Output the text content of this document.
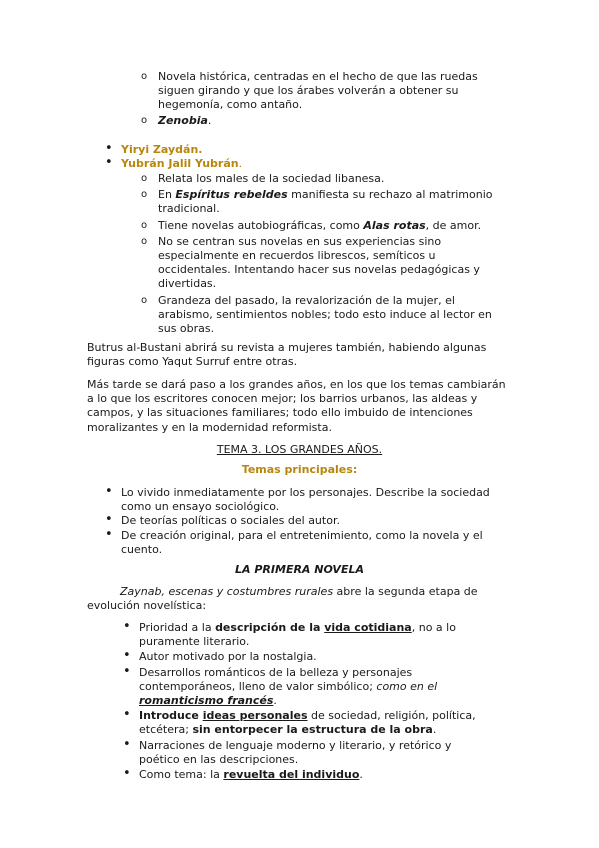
o Novela histórica, centradas en el hecho de que las ruedas siguen girando y que los árabes volverán a obtener su hegemonía, como antaño.
o Zenobia.
• Yiryi Zaydán.
• Yubrán Jalil Yubrán.
o Relata los males de la sociedad libanesa.
o En Espíritus rebeldes manifiesta su rechazo al matrimonio tradicional.
o Tiene novelas autobiográficas, como Alas rotas, de amor.
o No se centran sus novelas en sus experiencias sino especialmente en recuerdos librescos, semíticos u occidentales. Intentando hacer sus novelas pedagógicas y divertidas.
o Grandeza del pasado, la revalorización de la mujer, el arabismo, sentimientos nobles; todo esto induce al lector en sus obras.

Butrus al-Bustani abrirá su revista a mujeres también, habiendo algunas figuras como Yaqut Surruf entre otras.

Más tarde se dará paso a los grandes años, en los que los temas cambiarán a lo que los escritores conocen mejor; los barrios urbanos, las aldeas y campos, y las situaciones familiares; todo ello imbuido de intenciones moralizantes y en la modernidad reformista.

TEMA 3. LOS GRANDES AÑOS.

Temas principales:

• Lo vivido inmediatamente por los personajes. Describe la sociedad como un ensayo sociológico.
• De teorías políticas o sociales del autor.
• De creación original, para el entretenimiento, como la novela y el cuento.

LA PRIMERA NOVELA

Zaynab, escenas y costumbres rurales abre la segunda etapa de evolución novelística:

• Prioridad a la descripción de la vida cotidiana, no a lo puramente literario.
• Autor motivado por la nostalgia.
• Desarrollos románticos de la belleza y personajes contemporáneos, lleno de valor simbólico; como en el romanticismo francés.
• Introduce ideas personales de sociedad, religión, política, etcétera; sin entorpecer la estructura de la obra.
• Narraciones de lenguaje moderno y literario, y retórico y poético en las descripciones.
• Como tema: la revuelta del individuo.
